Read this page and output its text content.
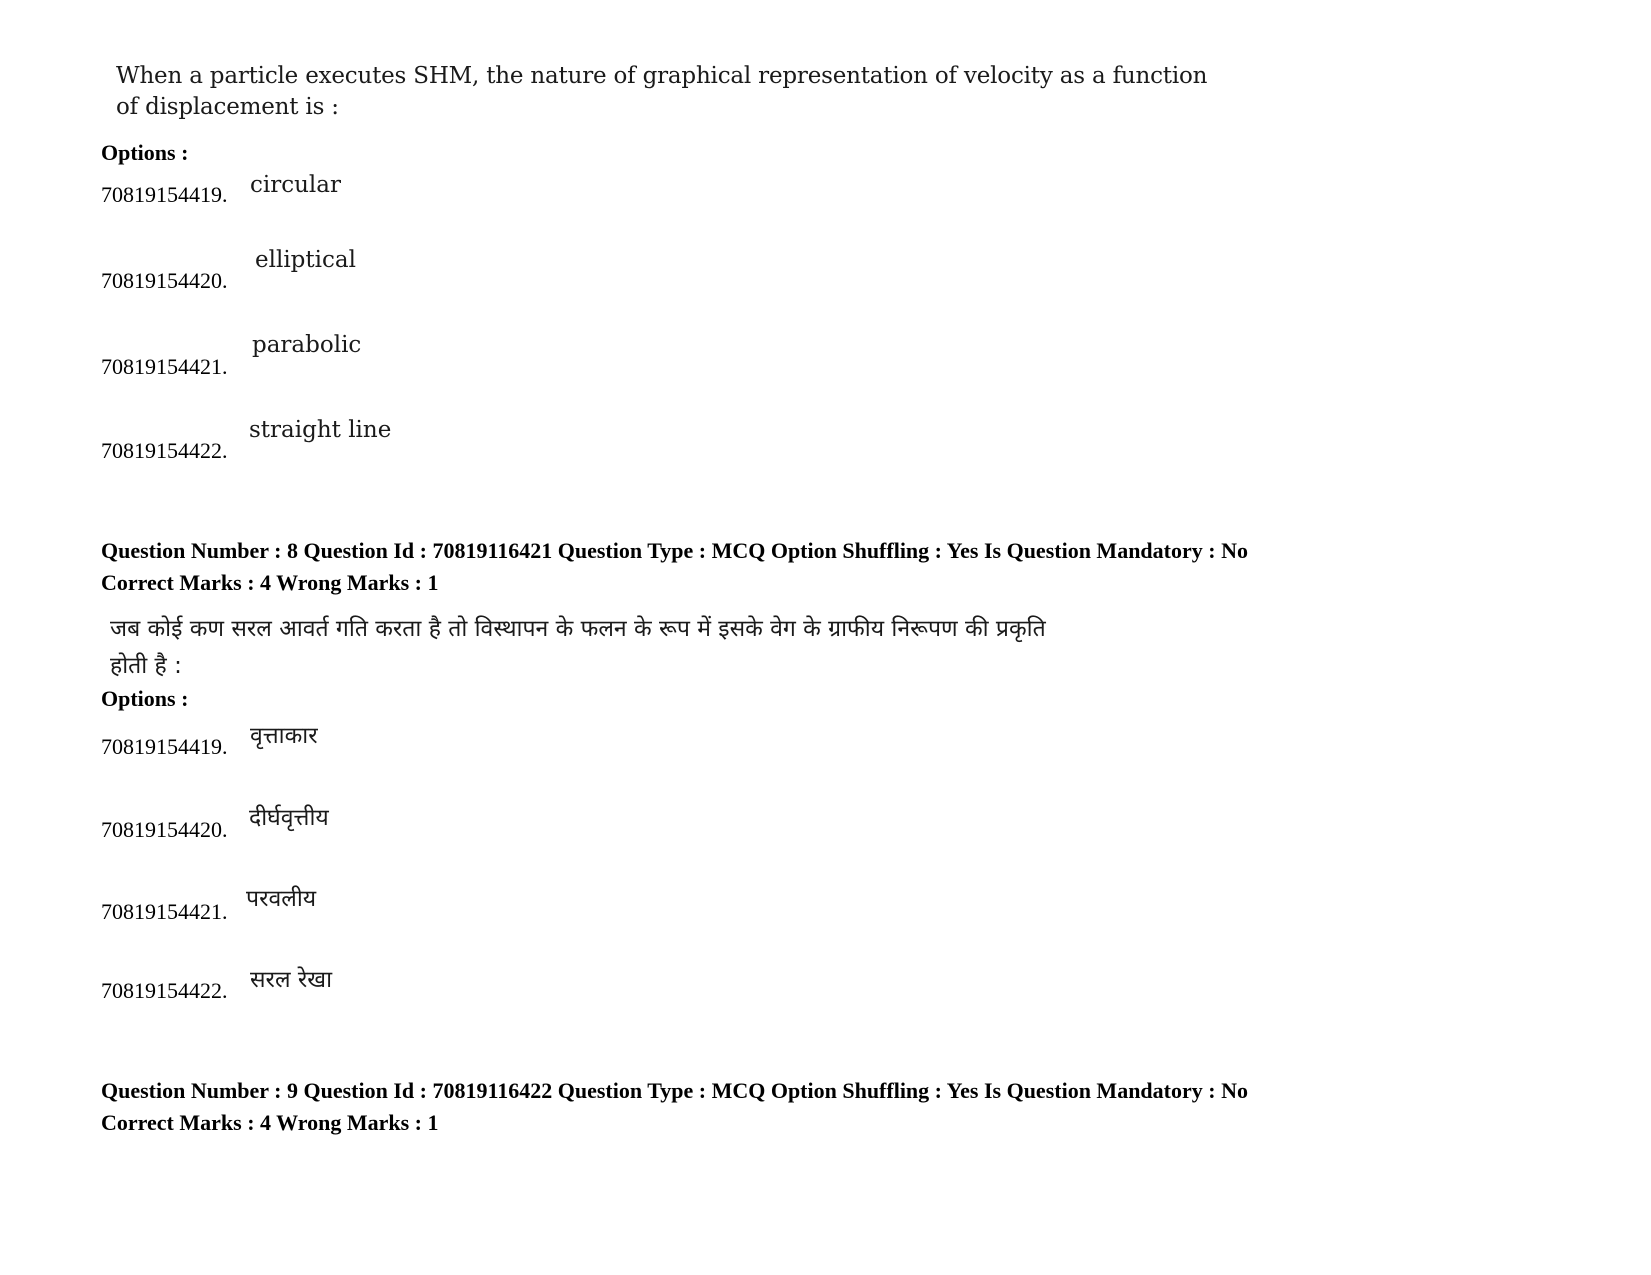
When a particle executes SHM, the nature of graphical representation of velocity as a function
of displacement is :
Options :
70819154419. circular
70819154420.
elliptical
70819154421.
parabolic
70819154422.
straight line
Question Number : 8 Question Id : 70819116421 Question Type : MCQ Option Shuffling : Yes Is Question Mandatory : No
Correct Marks : 4 Wrong Marks : 1
जब कोई कण सरल आवर्त गति करता है तो विस्थापन के फलन के रूप में इसके वेग के ग्राफीय निरूपण की प्रकृति
होती है :
Options :
70819154419. वृत्ताकार
70819154420. दीर्घवृत्तीय
70819154421. परवलीय
70819154422. सरल रेखा
Question Number : 9 Question Id : 70819116422 Question Type : MCQ Option Shuffling : Yes Is Question Mandatory : No
Correct Marks : 4 Wrong Marks : 1
